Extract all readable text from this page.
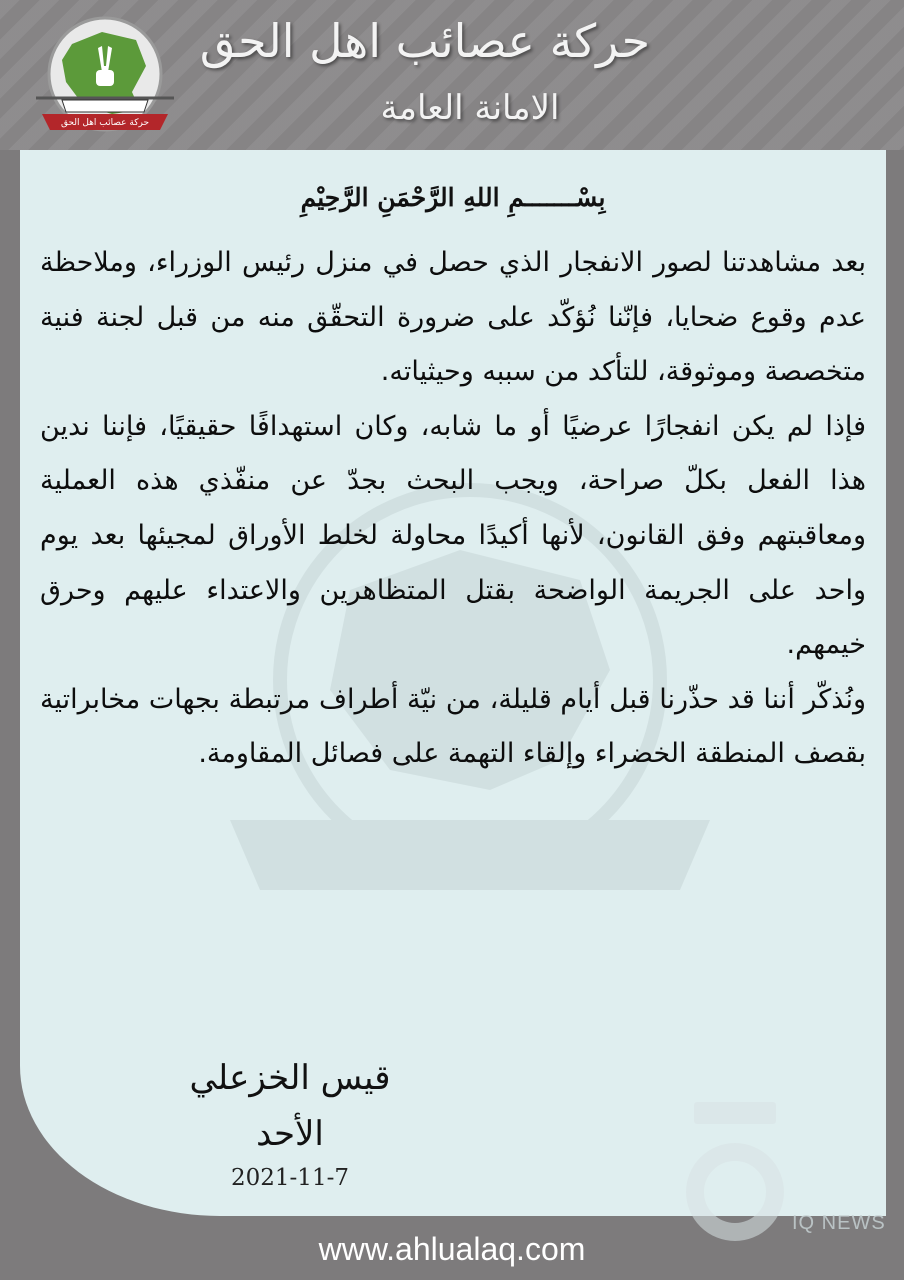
حركة عصائب اهل الحق
حركة عصائب اهل الحق
الامانة العامة
بِسْـــــــمِ اللهِ الرَّحْمَنِ الرَّحِيْمِ

بعد مشاهدتنا لصور الانفجار الذي حصل في منزل رئيس الوزراء، وملاحظة عدم وقوع ضحايا، فإنّنا نُؤكّد على ضرورة التحقّق منه من قبل لجنة فنية متخصصة وموثوقة، للتأكد من سببه وحيثياته.

فإذا لم يكن انفجارًا عرضيًا أو ما شابه، وكان استهدافًا حقيقيًا، فإننا ندين هذا الفعل بكلّ صراحة، ويجب البحث بجدّ عن منفّذي هذه العملية ومعاقبتهم وفق القانون، لأنها أكيدًا محاولة لخلط الأوراق لمجيئها بعد يوم واحد على الجريمة الواضحة بقتل المتظاهرين والاعتداء عليهم وحرق خيمهم.

ونُذكّر أننا قد حذّرنا قبل أيام قليلة، من نيّة أطراف مرتبطة بجهات مخابراتية بقصف المنطقة الخضراء وإلقاء التهمة على فصائل المقاومة.

قيس الخزعلي
الأحد
2021-11-7
IQ NEWS
www.ahlualaq.com
